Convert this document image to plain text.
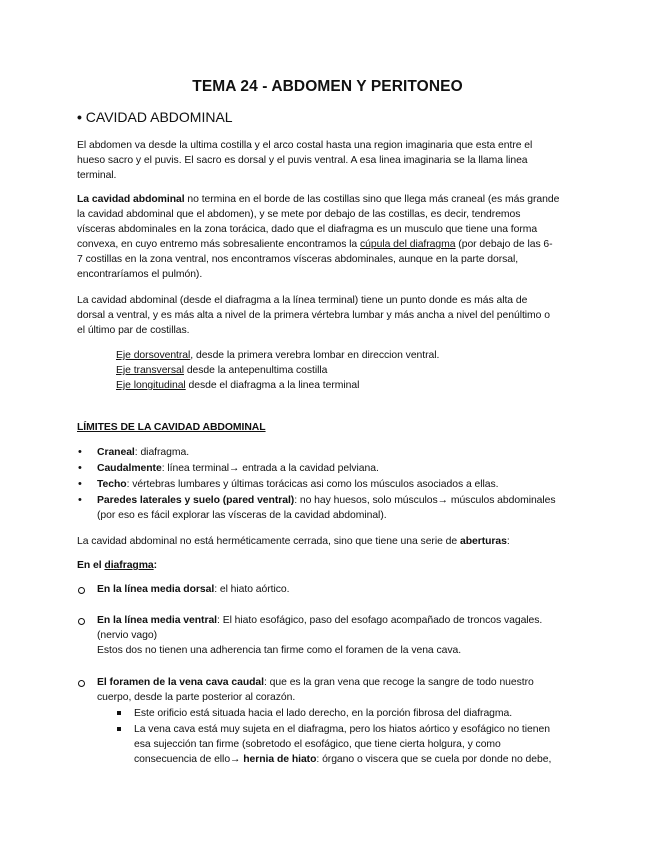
TEMA 24 - ABDOMEN Y PERITONEO
• CAVIDAD ABDOMINAL
El abdomen va desde la ultima costilla y el arco costal hasta una region imaginaria que esta entre el
hueso sacro y el puvis. El sacro es dorsal y el puvis ventral. A esa linea imaginaria se la llama linea
terminal.
La cavidad abdominal no termina en el borde de las costillas sino que llega más craneal (es más grande
la cavidad abdominal que el abdomen), y se mete por debajo de las costillas, es decir, tendremos
vísceras abdominales en la zona torácica, dado que el diafragma es un musculo que tiene una forma
convexa, en cuyo entremo más sobresaliente encontramos la cúpula del diafragma (por debajo de las 6-
7 costillas en la zona ventral, nos encontramos vísceras abdominales, aunque en la parte dorsal,
encontraríamos el pulmón).
La cavidad abdominal (desde el diafragma a la línea terminal) tiene un punto donde es más alta de
dorsal a ventral, y es más alta a nivel de la primera vértebra lumbar y más ancha a nivel del penúltimo o
el último par de costillas.
Eje dorsoventral, desde la primera verebra lombar en direccion ventral.
Eje transversal desde la antepenultima costilla
Eje longitudinal desde el diafragma a la linea terminal
LÍMITES DE LA CAVIDAD ABDOMINAL
• Craneal: diafragma.
• Caudalmente: línea terminal→ entrada a la cavidad pelviana.
• Techo: vértebras lumbares y últimas torácicas asi como los músculos asociados a ellas.
• Paredes laterales y suelo (pared ventral): no hay huesos, solo músculos→ músculos abdominales
(por eso es fácil explorar las vísceras de la cavidad abdominal).
La cavidad abdominal no está herméticamente cerrada, sino que tiene una serie de aberturas:
En el diafragma:
En la línea media dorsal: el hiato aórtico.
En la línea media ventral: El hiato esofágico, paso del esofago acompañado de troncos vagales.
(nervio vago)
Estos dos no tienen una adherencia tan firme como el foramen de la vena cava.
El foramen de la vena cava caudal: que es la gran vena que recoge la sangre de todo nuestro
cuerpo, desde la parte posterior al corazón.
Este orificio está situada hacia el lado derecho, en la porción fibrosa del diafragma.
La vena cava está muy sujeta en el diafragma, pero los hiatos aórtico y esofágico no tienen
esa sujección tan firme (sobretodo el esofágico, que tiene cierta holgura, y como
consecuencia de ello→ hernia de hiato: órgano o viscera que se cuela por donde no debe,
